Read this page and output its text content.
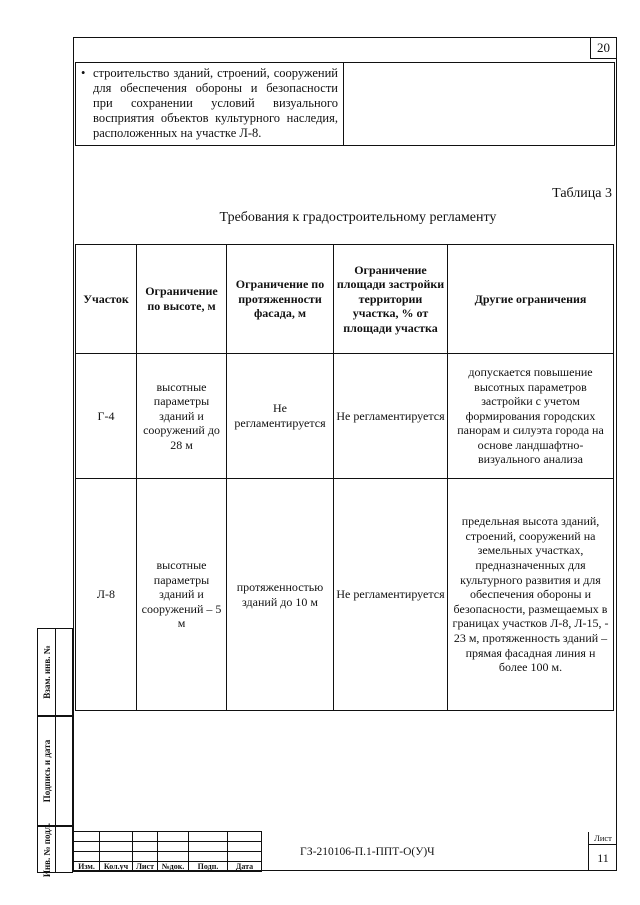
20
• строительство зданий, строений, сооружений для обеспечения обороны и безопасности при сохранении условий визуального восприятия объектов культурного наследия, расположенных на участке Л-8.

Таблица 3
Требования к градостроительному регламенту
Участок	Ограничение по высоте, м	Ограничение по протяженности фасада, м	Ограничение площади застройки территории участка, % от площади участка	Другие ограничения
Г-4	высотные параметры зданий и сооружений до 28 м	Не регламентируется	Не регламентируется	допускается повышение высотных параметров застройки с учетом формирования городских панорам и силуэта города на основе ландшафтно-визуального анализа
Л-8	высотные параметры зданий и сооружений – 5 м	протяженностью зданий до 10 м	Не регламентируется	предельная высота зданий, строений, сооружений на земельных участках, предназначенных для культурного развития и для обеспечения обороны и безопасности, размещаемых в границах участков Л-8, Л-15, - 23 м, протяженность зданий – прямая фасадная линия н более 100 м.
Взам. инв. №
Подпись и дата
Инв. № подл.

						Изм.	Кол.уч	Лист	№док.	Подп.	Дата
ГЗ-210106-П.1-ППТ-О(У)Ч
Лист
11
